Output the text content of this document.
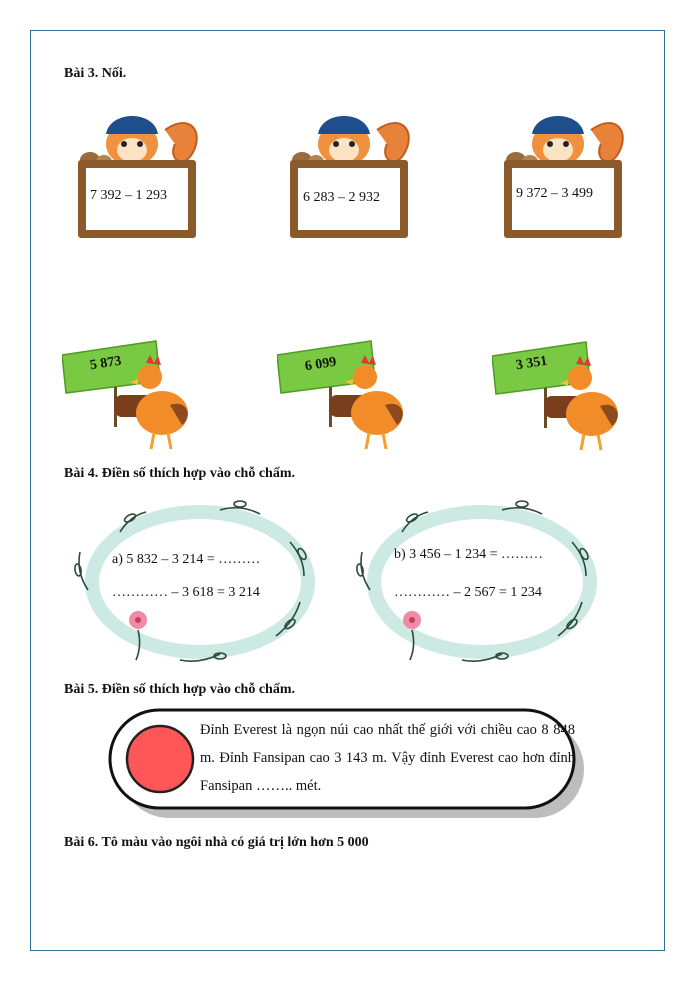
Bài 3. Nối.
7 392 – 1 293	6 283 – 2 932	9 372 – 3 499
5 873	6 099	3 351
Bài 4. Điền số thích hợp vào chỗ chấm.
a) 5 832 – 3 214 = ………
………… – 3 618 = 3 214
b) 3 456 – 1 234 = ………
………… – 2 567 = 1 234
Bài 5. Điền số thích hợp vào chỗ chấm.
Đỉnh Everest là ngọn núi cao nhất thế giới với chiều cao 8 848 m. Đỉnh Fansipan cao 3 143 m. Vậy đỉnh Everest cao hơn đỉnh Fansipan …….. mét.
Bài 6. Tô màu vào ngôi nhà có giá trị lớn hơn 5 000
